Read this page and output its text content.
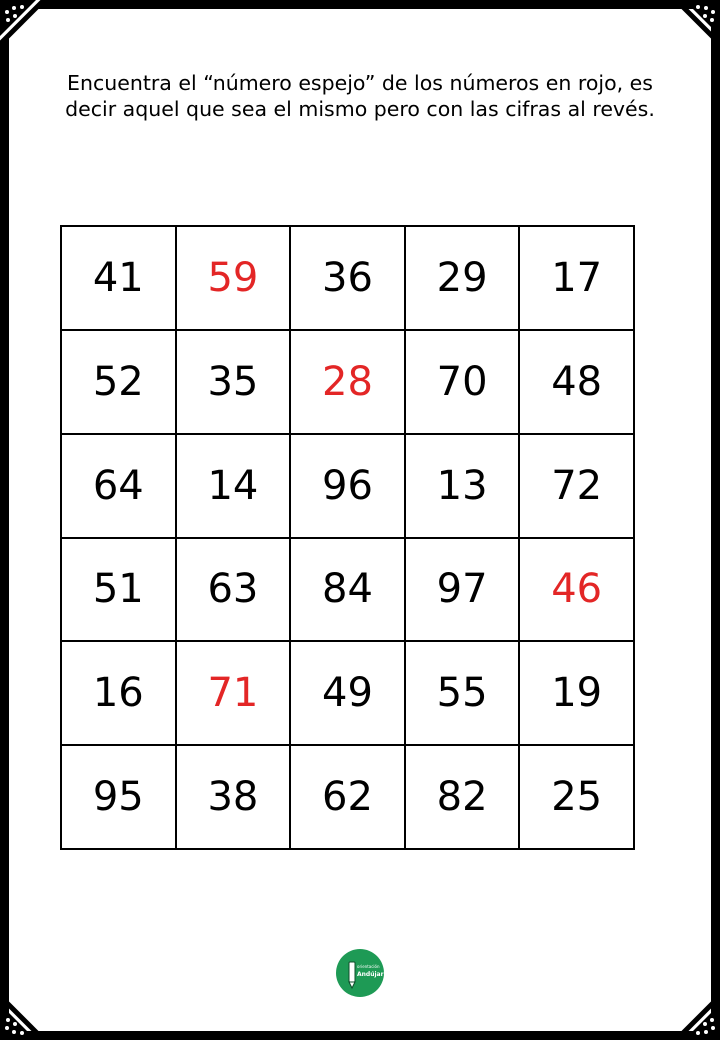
Encuentra el “número espejo” de los números en rojo, es decir aquel que sea el mismo pero con las cifras al revés.
41	59	36	29	17
52	35	28	70	48
64	14	96	13	72
51	63	84	97	46
16	71	49	55	19
95	38	62	82	25
orientación
Andújar
